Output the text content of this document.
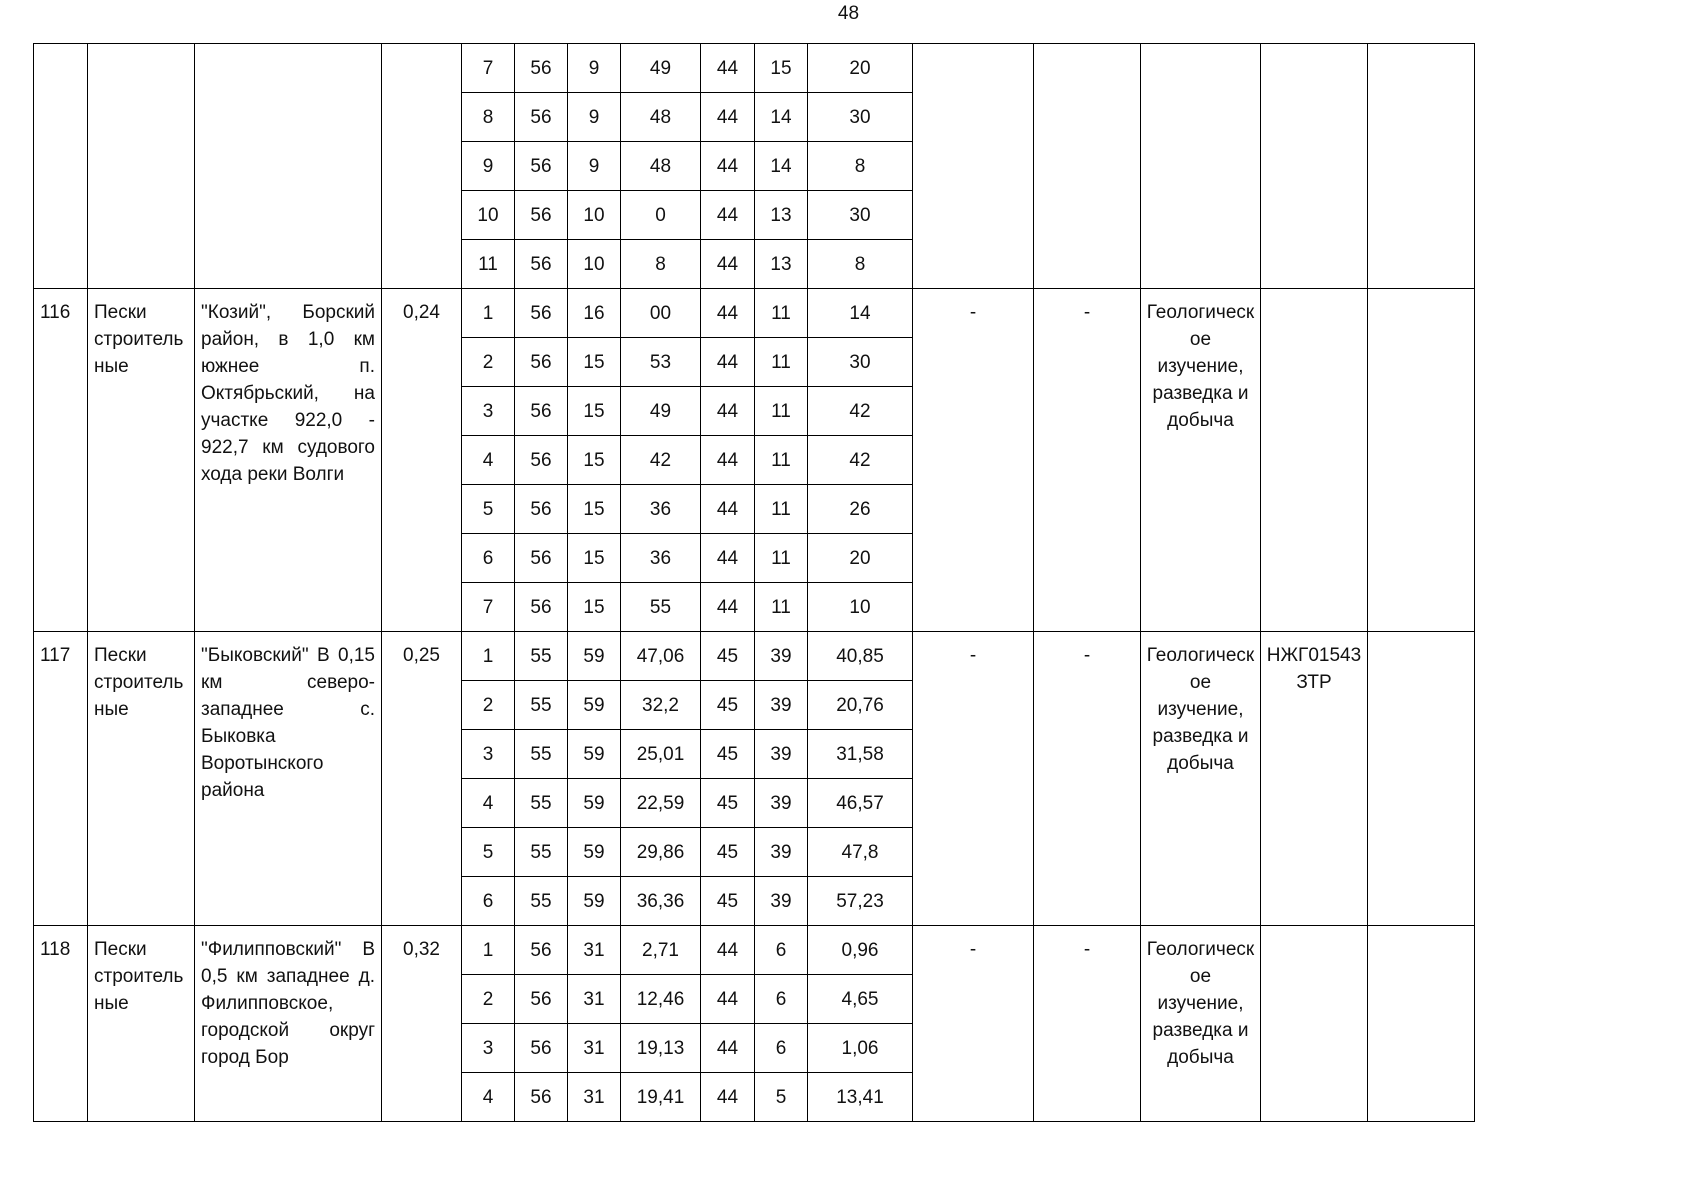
48
				7	56	9	49	44	15	20					
				8	56	9	48	44	14	30					
				9	56	9	48	44	14	8					
				10	56	10	0	44	13	30					
				11	56	10	8	44	13	8					
116	Пески строитель ные	"Козий", Борский район, в 1,0 км южнее п. Октябрьский, на участке 922,0 - 922,7 км судового хода реки Волги	0,24	1	56	16	00	44	11	14	-	-	Геологическ ое изучение, разведка и добыча		
				2	56	15	53	44	11	30					
				3	56	15	49	44	11	42					
				4	56	15	42	44	11	42					
				5	56	15	36	44	11	26					
				6	56	15	36	44	11	20					
				7	56	15	55	44	11	10					
117	Пески строитель ные	"Быковский" В 0,15 км северо-западнее с. Быковка Воротынского района	0,25	1	55	59	47,06	45	39	40,85	-	-	Геологическ ое изучение, разведка и добыча	НЖГ01543 ЗТР	
				2	55	59	32,2	45	39	20,76					
				3	55	59	25,01	45	39	31,58					
				4	55	59	22,59	45	39	46,57					
				5	55	59	29,86	45	39	47,8					
				6	55	59	36,36	45	39	57,23					
118	Пески строитель ные	"Филипповский" В 0,5 км западнее д. Филипповское, городской округ город Бор	0,32	1	56	31	2,71	44	6	0,96	-	-	Геологическ ое изучение, разведка и добыча		
				2	56	31	12,46	44	6	4,65					
				3	56	31	19,13	44	6	1,06					
				4	56	31	19,41	44	5	13,41					
